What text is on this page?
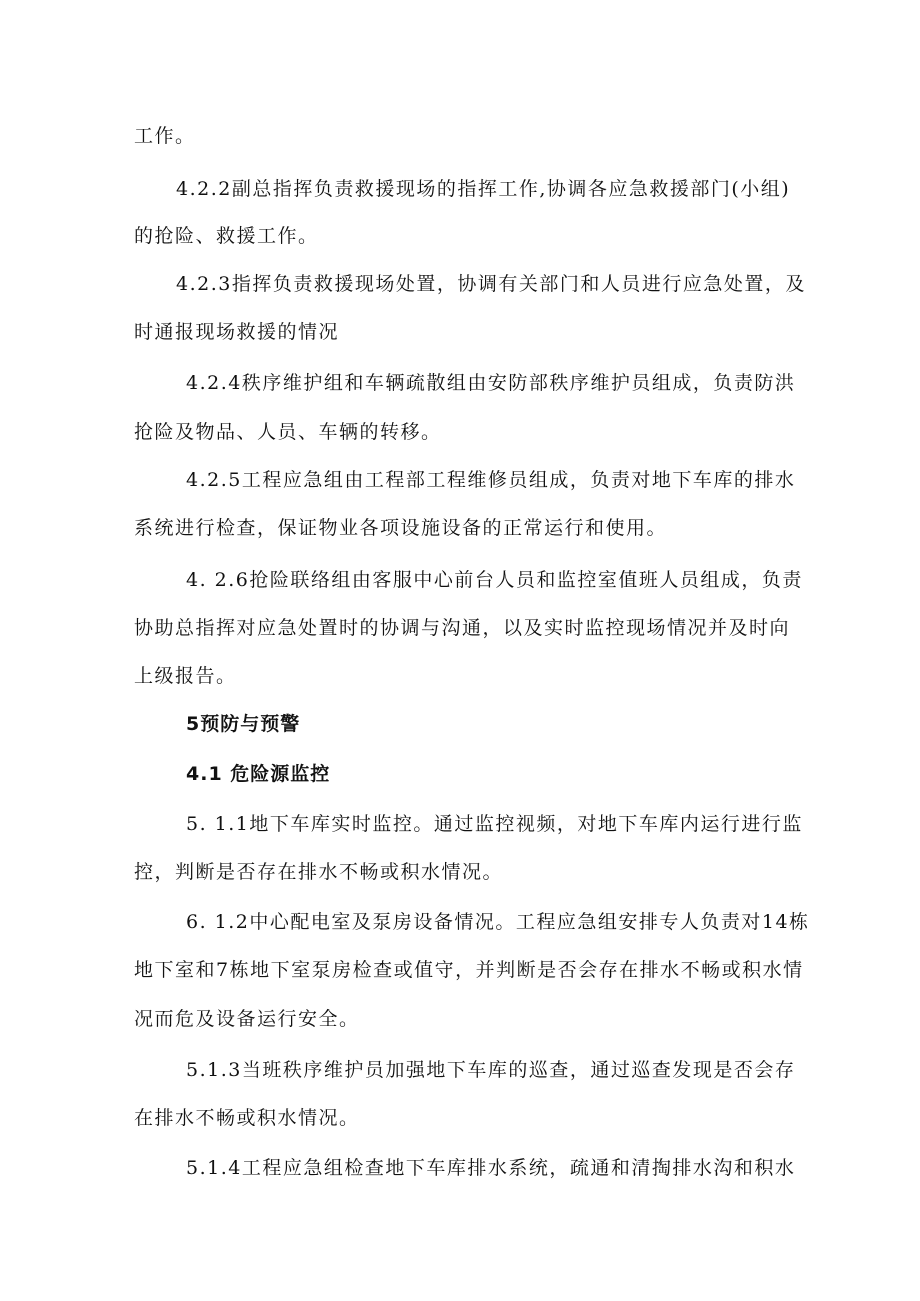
工作。
4.2.2副总指挥负责救援现场的指挥工作,协调各应急救援部门(小组)
的抢险、救援工作。
4.2.3指挥负责救援现场处置，协调有关部门和人员进行应急处置，及
时通报现场救援的情况
4.2.4秩序维护组和车辆疏散组由安防部秩序维护员组成，负责防洪
抢险及物品、人员、车辆的转移。
4.2.5工程应急组由工程部工程维修员组成，负责对地下车库的排水
系统进行检查，保证物业各项设施设备的正常运行和使用。
4. 2.6抢险联络组由客服中心前台人员和监控室值班人员组成，负责
协助总指挥对应急处置时的协调与沟通，以及实时监控现场情况并及时向
上级报告。
5预防与预警
4.1 危险源监控
5. 1.1地下车库实时监控。通过监控视频，对地下车库内运行进行监
控，判断是否存在排水不畅或积水情况。
6. 1.2中心配电室及泵房设备情况。工程应急组安排专人负责对14栋
地下室和7栋地下室泵房检查或值守，并判断是否会存在排水不畅或积水情
况而危及设备运行安全。
5.1.3当班秩序维护员加强地下车库的巡查，通过巡查发现是否会存
在排水不畅或积水情况。
5.1.4工程应急组检查地下车库排水系统，疏通和清掏排水沟和积水
